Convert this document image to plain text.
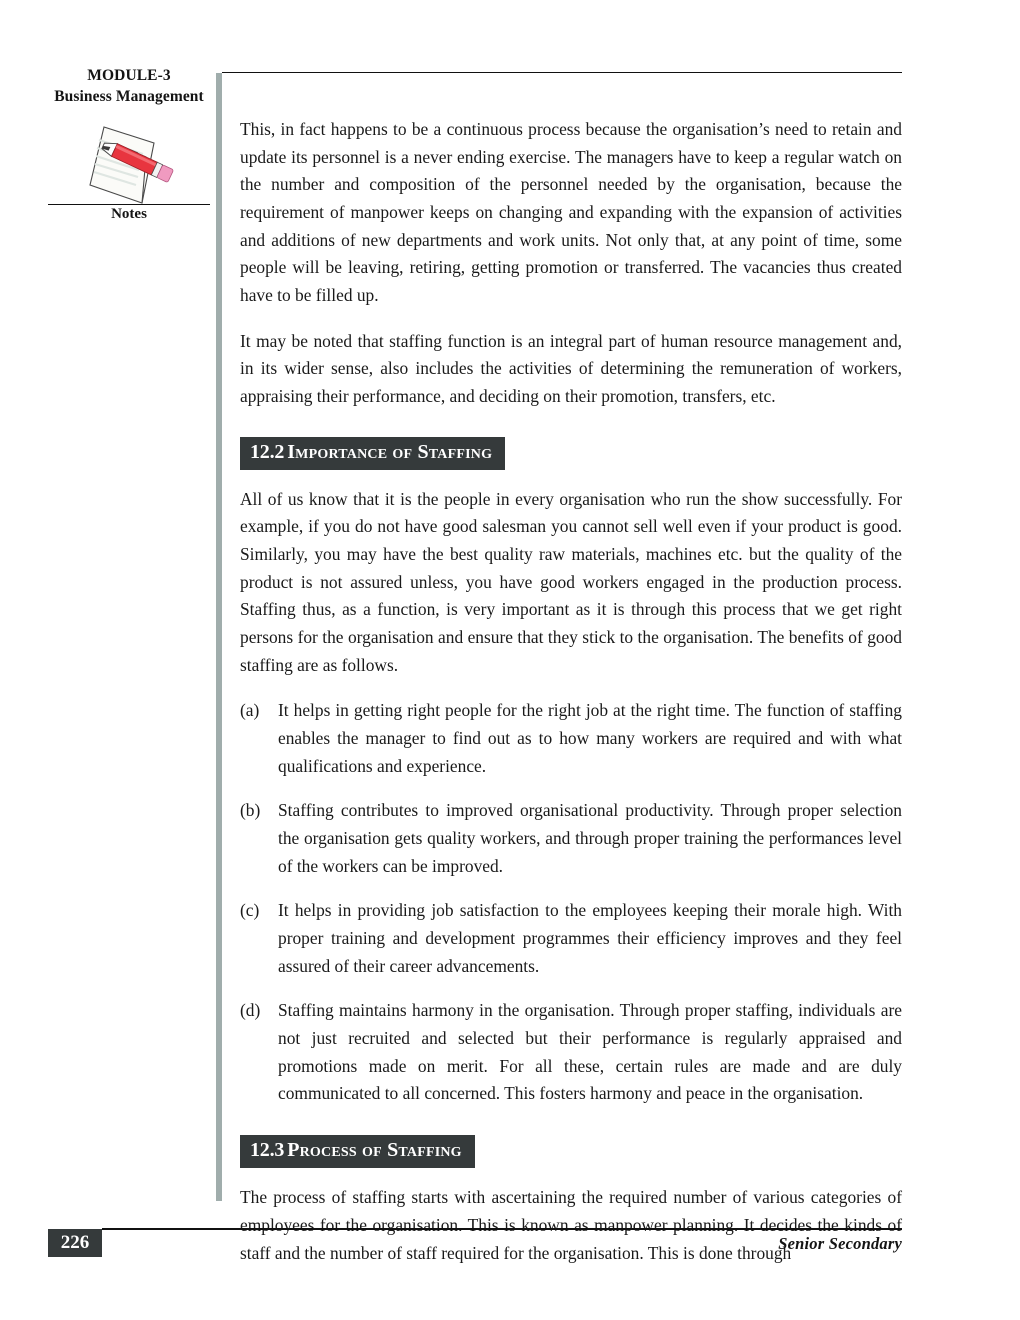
MODULE-3
Business Management
Notes

This, in fact happens to be a continuous process because the organisation’s need to retain and update its personnel is a never ending exercise. The managers have to keep a regular watch on the number and composition of the personnel needed by the organisation, because the requirement of manpower keeps on changing and expanding with the expansion of activities and additions of new departments and work units. Not only that, at any point of time, some people will be leaving, retiring, getting promotion or transferred. The vacancies thus created have to be filled up.

It may be noted that staffing function is an integral part of human resource management and, in its wider sense, also includes the activities of determining the remuneration of workers, appraising their performance, and deciding on their promotion, transfers, etc.

12.2 Importance of Staffing

All of us know that it is the people in every organisation who run the show successfully. For example, if you do not have good salesman you cannot sell well even if your product is good. Similarly, you may have the best quality raw materials, machines etc. but the quality of the product is not assured unless, you have good workers engaged in the production process. Staffing thus, as a function, is very important as it is through this process that we get right persons for the organisation and ensure that they stick to the organisation. The benefits of good staffing are as follows.

(a)	It helps in getting right people for the right job at the right time. The function of staffing enables the manager to find out as to how many workers are required and with what qualifications and experience.
(b)	Staffing contributes to improved organisational productivity. Through proper selection the organisation gets quality workers, and through proper training the performances level of the workers can be improved.
(c)	It helps in providing job satisfaction to the employees keeping their morale high. With proper training and development programmes their efficiency improves and they feel assured of their career advancements.
(d)	Staffing maintains harmony in the organisation. Through proper staffing, individuals are not just recruited and selected but their performance is regularly appraised and promotions made on merit. For all these, certain rules are made and are duly communicated to all concerned. This fosters harmony and peace in the organisation.
12.3 Process of Staffing

The process of staffing starts with ascertaining the required number of various categories of employees for the organisation. This is known as manpower planning. It decides the kinds of staff and the number of staff required for the organisation. This is done through

226	Senior Secondary
